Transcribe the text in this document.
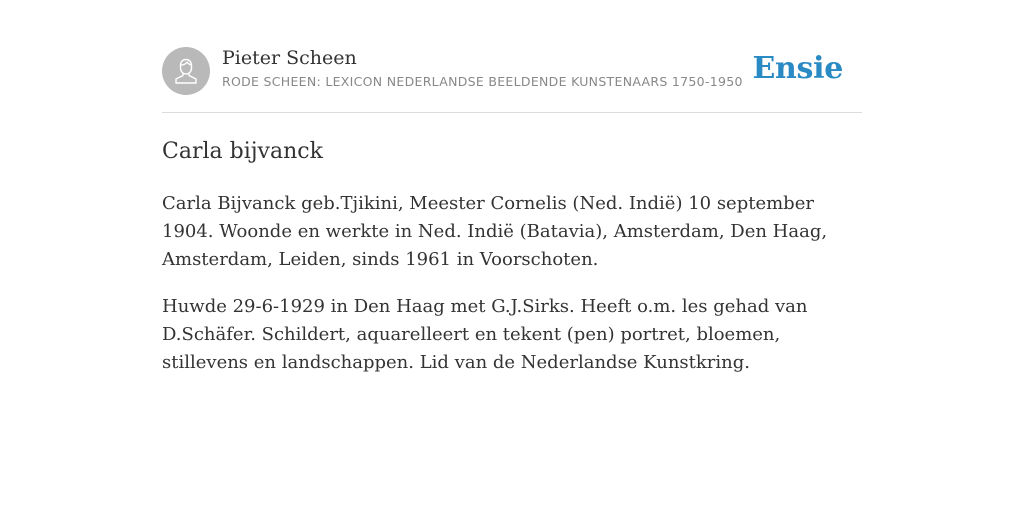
Pieter Scheen
RODE SCHEEN: LEXICON NEDERLANDSE BEELDENDE KUNSTENAARS 1750-1950 Ensie
Carla bijvanck
Carla Bijvanck geb.Tjikini, Meester Cornelis (Ned. Indië) 10 september 1904. Woonde en werkte in Ned. Indië (Batavia), Amsterdam, Den Haag, Amsterdam, Leiden, sinds 1961 in Voorschoten.
Huwde 29-6-1929 in Den Haag met G.J.Sirks. Heeft o.m. les gehad van D.Schäfer. Schildert, aquarelleert en tekent (pen) portret, bloemen, stillevens en landschappen. Lid van de Nederlandse Kunstkring.
